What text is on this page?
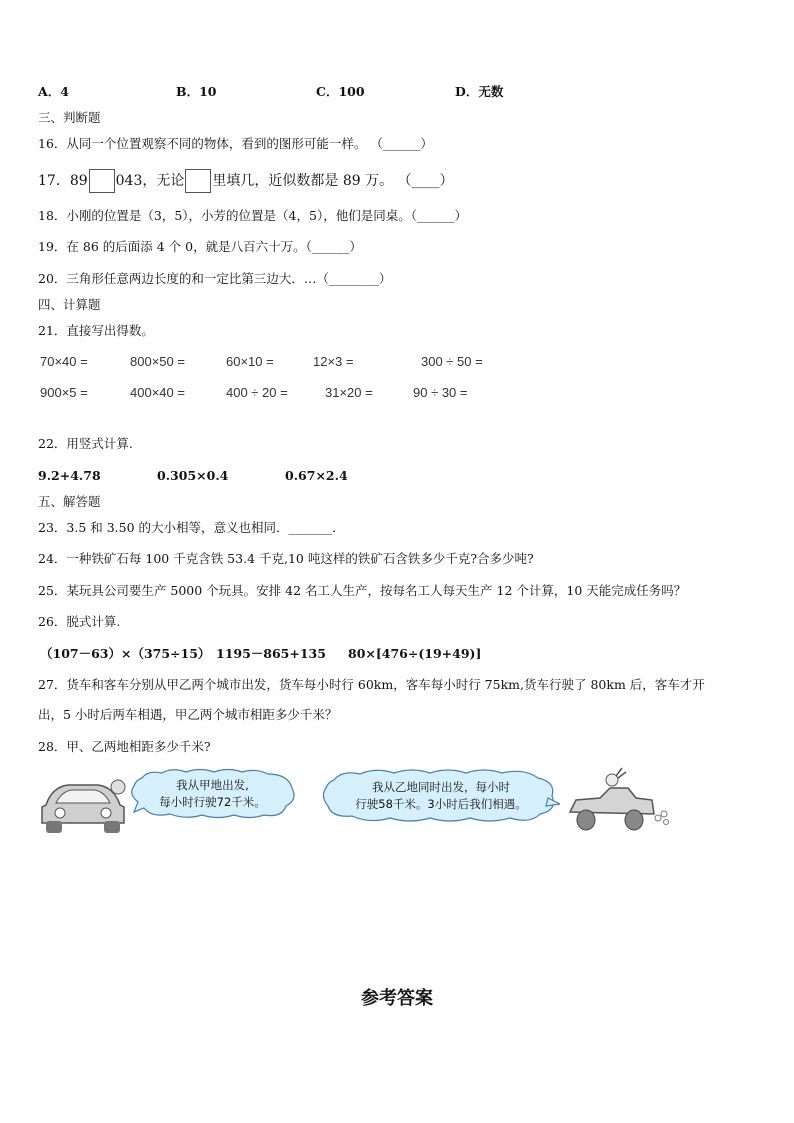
A．4	B．10	C．100	D．无数
三、判断题
16．从同一个位置观察不同的物体，看到的图形可能一样。 （______）
17．89 043，无论 里填几，近似数都是 89 万。 （____）
18．小刚的位置是（3，5），小芳的位置是（4，5），他们是同桌。（______）
19．在 86 的后面添 4 个 0，就是八百六十万。（______）
20．三角形任意两边长度的和一定比第三边大．…（________）
四、计算题
21．直接写出得数。
70×40 =	800×50 =	60×10 =	12×3 =	300 ÷ 50 =
900×5 =	400×40 =	400 ÷ 20 =	31×20 =	90 ÷ 30 =
22．用竖式计算.
9.2+4.78	0.305×0.4	0.67×2.4
五、解答题
23．3.5 和 3.50 的大小相等，意义也相同．_______．
24．一种铁矿石每 100 千克含铁 53.4 千克,10 吨这样的铁矿石含铁多少千克?合多少吨?
25．某玩具公司要生产 5000 个玩具。安排 42 名工人生产，按每名工人每天生产 12 个计算，10 天能完成任务吗？
26．脱式计算.
（107－63）×（375÷15） 1195－865+135 80×[476÷(19+49)]
27．货车和客车分别从甲乙两个城市出发，货车每小时行 60km，客车每小时行 75km,货车行驶了 80km 后，客车才开
出，5 小时后两车相遇，甲乙两个城市相距多少千米？
28．甲、乙两地相距多少千米?
我从甲地出发,
每小时行驶72千米。
我从乙地同时出发，每小时
行驶58千米。3小时后我们相遇。
参考答案
